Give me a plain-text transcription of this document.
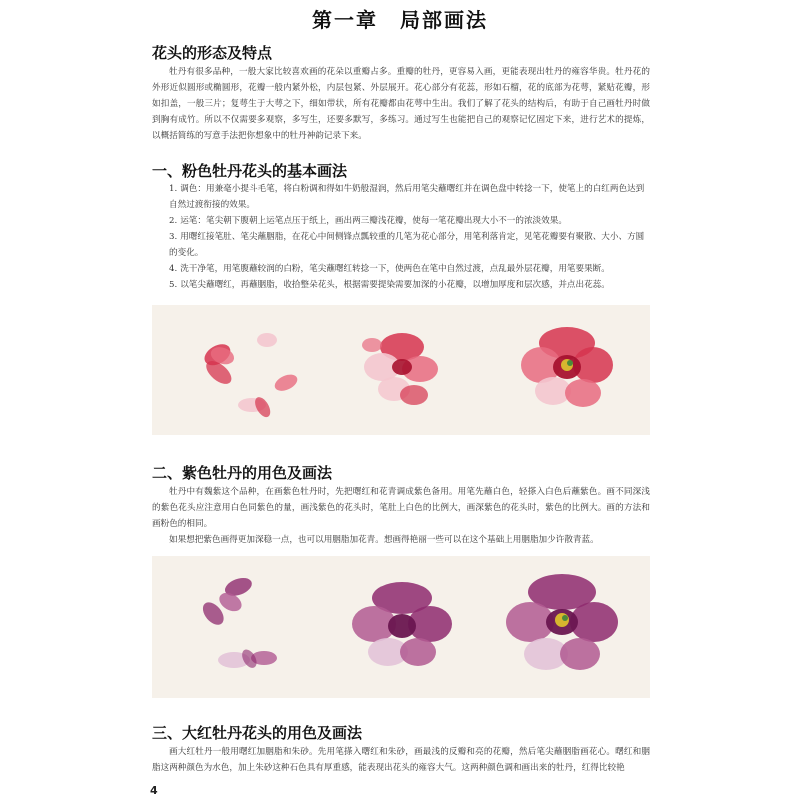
第一章　局部画法
花头的形态及特点
牡丹有很多品种，一般大家比较喜欢画的花朵以重瓣占多。重瓣的牡丹，更容易入画，更能表现出牡丹的雍容华贵。牡丹花的外形近似圆形或椭圆形，花瓣一般内紧外松，内层包紧、外层展开。花心部分有花蕊，形如石榴，花的底部为花萼，紧贴花瓣，形如扣盖，一般三片；复萼生于大萼之下，细如带状，所有花瓣都由花萼中生出。我们了解了花头的结构后，有助于自己画牡丹时做到胸有成竹。所以不仅需要多观察，多写生，还要多默写，多练习。通过写生也能把自己的观察记忆固定下来，进行艺术的提炼，以概括简练的写意手法把你想象中的牡丹神韵记录下来。
一、粉色牡丹花头的基本画法
1. 调色：用兼毫小提斗毛笔，将白粉调和得如牛奶般湿润，然后用笔尖蘸曙红并在调色盘中转捻一下，使笔上的白红两色达到自然过渡衔接的效果。
2. 运笔：笔尖朝下腹朝上运笔点压于纸上，画出两三瓣浅花瓣，使每一笔花瓣出现大小不一的浓淡效果。
3. 用曙红接笔肚、笔尖蘸胭脂，在花心中间侧锋点瓢较重的几笔为花心部分，用笔利落肯定，见笔花瓣要有聚散、大小、方圆的变化。
4. 洗干净笔，用笔腹蘸较润的白粉，笔尖蘸曙红转捻一下，使两色在笔中自然过渡，点乱最外层花瓣，用笔要果断。
5. 以笔尖蘸曙红，再蘸胭脂，收拾整朵花头，根据需要提染需要加深的小花瓣，以增加厚度和层次感，并点出花蕊。
二、紫色牡丹的用色及画法
牡丹中有魏紫这个品种，在画紫色牡丹时，先把曙红和花青调成紫色备用。用笔先蘸白色，轻搽入白色后蘸紫色。画不同深浅的紫色花头应注意用白色同紫色的量，画浅紫色的花头时，笔肚上白色的比例大，画深紫色的花头时，紫色的比例大。画的方法和画粉色的相同。
如果想把紫色画得更加深稳一点，也可以用胭脂加花青。想画得艳丽一些可以在这个基础上用胭脂加少许散青蓝。
三、大红牡丹花头的用色及画法
画大红牡丹一般用曙红加胭脂和朱砂。先用笔搽入曙红和朱砂，画最浅的反瓣和亮的花瓣，然后笔尖蘸胭脂画花心。曙红和胭脂这两种颜色为水色，加上朱砂这种石色具有厚重感，能表现出花头的雍容大气。这两种颜色调和画出来的牡丹，红得比较艳
4
